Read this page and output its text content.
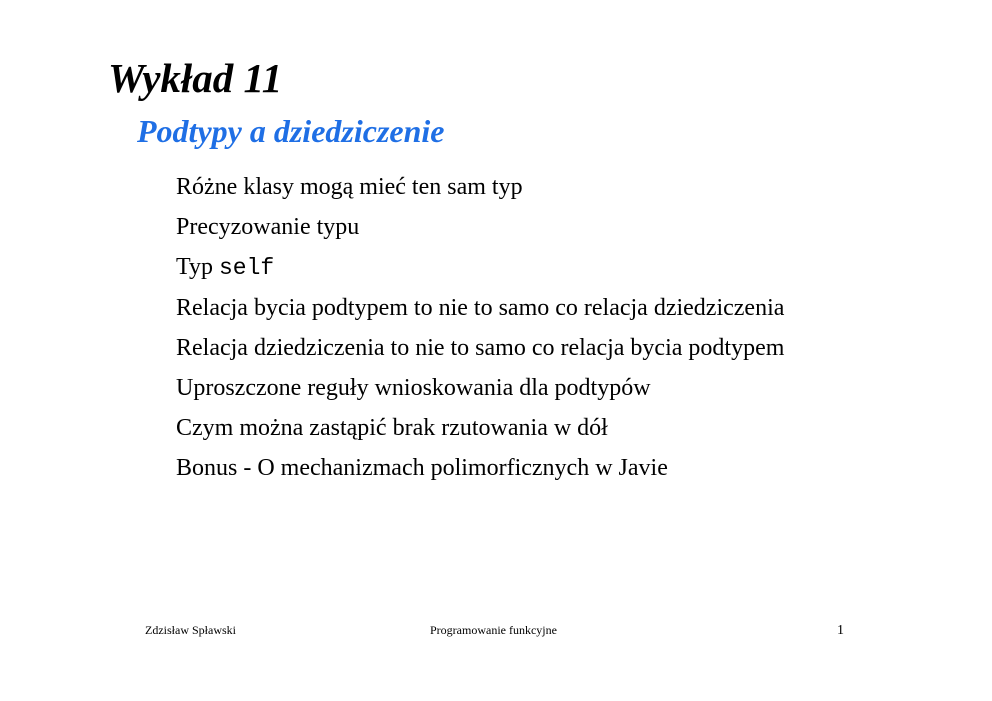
Wykład 11
Podtypy a dziedziczenie
Różne klasy mogą mieć ten sam typ
Precyzowanie typu
Typ self
Relacja bycia podtypem to nie to samo co relacja dziedziczenia
Relacja dziedziczenia to nie to samo co relacja bycia podtypem
Uproszczone reguły wnioskowania dla podtypów
Czym można zastąpić brak rzutowania w dół
Bonus - O mechanizmach polimorficznych w Javie
Zdzisław Spławski	Programowanie funkcyjne	1
